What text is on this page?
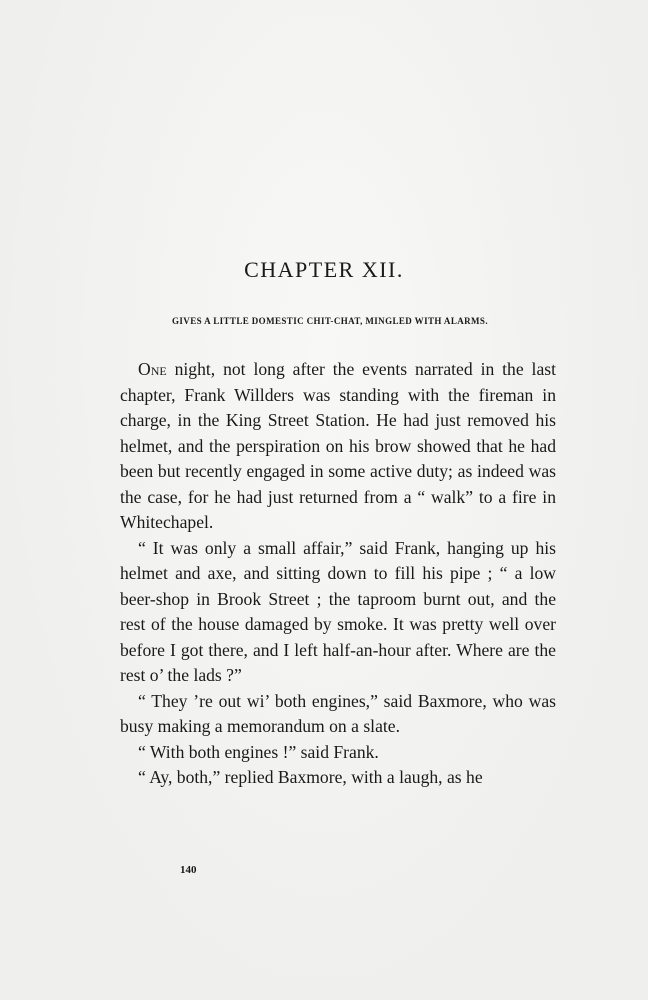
CHAPTER XII.
GIVES A LITTLE DOMESTIC CHIT-CHAT, MINGLED WITH ALARMS.

One night, not long after the events narrated in the last chapter, Frank Willders was standing with the fireman in charge, in the King Street Station. He had just removed his helmet, and the perspiration on his brow showed that he had been but recently engaged in some active duty; as indeed was the case, for he had just returned from a “ walk” to a fire in Whitechapel.

“ It was only a small affair,” said Frank, hanging up his helmet and axe, and sitting down to fill his pipe ; “ a low beer-shop in Brook Street ; the taproom burnt out, and the rest of the house damaged by smoke. It was pretty well over before I got there, and I left half-an-hour after. Where are the rest o’ the lads ?”

“ They ’re out wi’ both engines,” said Baxmore, who was busy making a memorandum on a slate.

“ With both engines !” said Frank.

“ Ay, both,” replied Baxmore, with a laugh, as he

140
